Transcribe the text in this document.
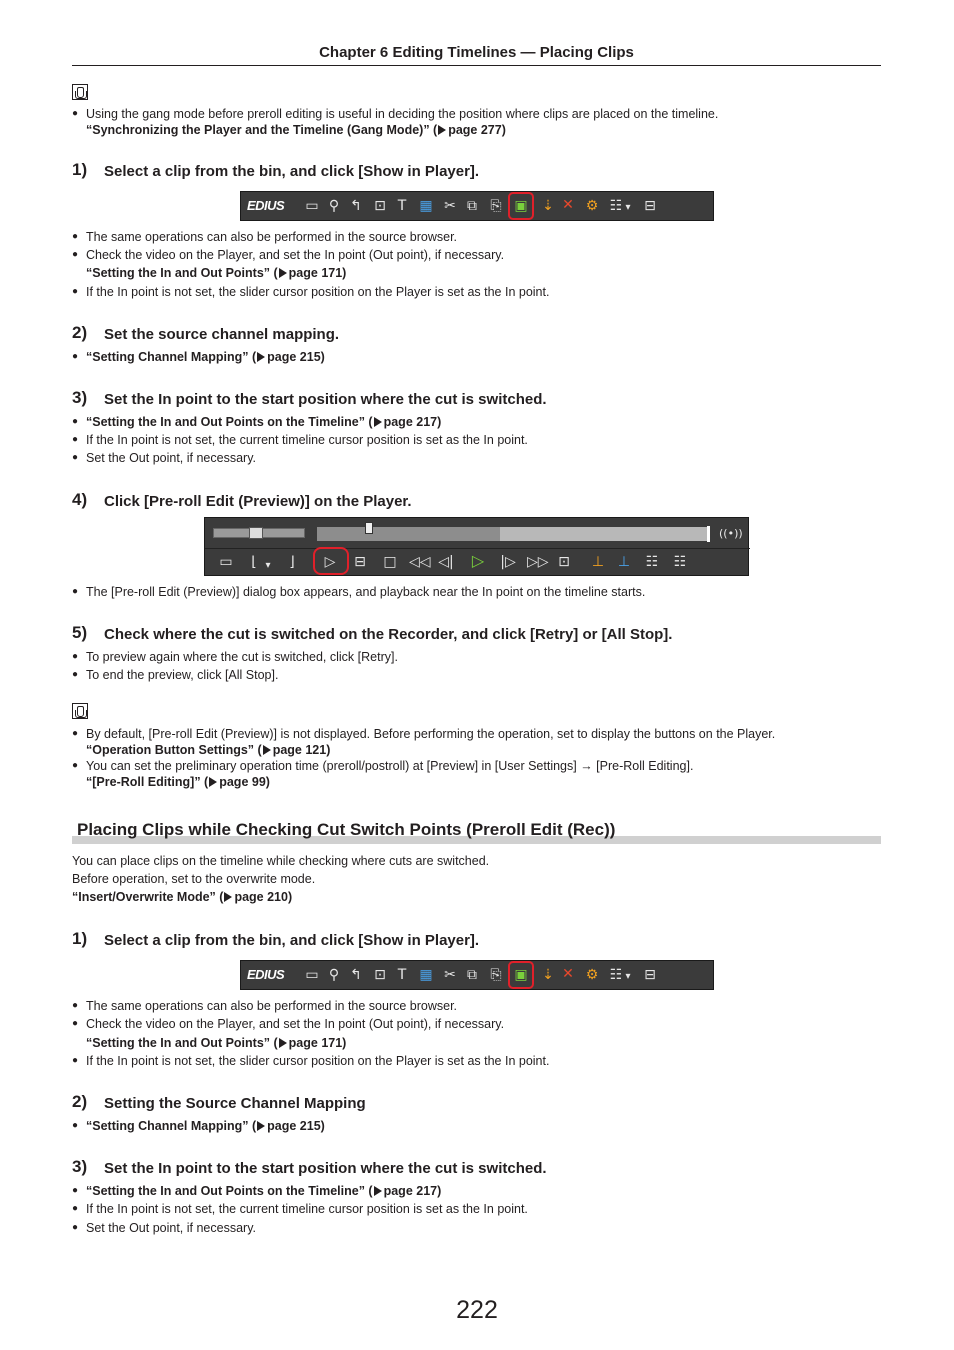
Chapter 6 Editing Timelines — Placing Clips
● Using the gang mode before preroll editing is useful in deciding the position where clips are placed on the timeline.
“Synchronizing the Player and the Timeline (Gang Mode)” ( page 277)
1) Select a clip from the bin, and click [Show in Player].
EDIUS ▭ ⚲ ↰ ⊡ T ▦ ✂ ⧉ ⎘ ▣ ⇣ ✕ ⚙ ☷ ▾ ⊟
● The same operations can also be performed in the source browser.
● Check the video on the Player, and set the In point (Out point), if necessary.
“Setting the In and Out Points” ( page 171)
● If the In point is not set, the slider cursor position on the Player is set as the In point.
2) Set the source channel mapping.
● “Setting Channel Mapping” ( page 215)
3) Set the In point to the start position where the cut is switched.
● “Setting the In and Out Points on the Timeline” ( page 217)
● If the In point is not set, the current timeline cursor position is set as the In point.
● Set the Out point, if necessary.
4) Click [Pre-roll Edit (Preview)] on the Player.
((•))
▭	⌊ ▾	⌋	▷ ⊟ □ ◁◁ ◁| ▷ |▷ ▷▷ ⊡ ⊥ ⊥ ☷ ☷
● The [Pre-roll Edit (Preview)] dialog box appears, and playback near the In point on the timeline starts.
5) Check where the cut is switched on the Recorder, and click [Retry] or [All Stop].
● To preview again where the cut is switched, click [Retry].
● To end the preview, click [All Stop].
● By default, [Pre-roll Edit (Preview)] is not displayed. Before performing the operation, set to display the buttons on the Player.
“Operation Button Settings” ( page 121)
● You can set the preliminary operation time (preroll/postroll) at [Preview] in [User Settings] → [Pre-Roll Editing].
“[Pre-Roll Editing]” ( page 99)
Placing Clips while Checking Cut Switch Points (Preroll Edit (Rec))
You can place clips on the timeline while checking where cuts are switched.
Before operation, set to the overwrite mode.
“Insert/Overwrite Mode” ( page 210)
1) Select a clip from the bin, and click [Show in Player].
EDIUS ▭ ⚲ ↰ ⊡ T ▦ ✂ ⧉ ⎘ ▣ ⇣ ✕ ⚙ ☷ ▾ ⊟
● The same operations can also be performed in the source browser.
● Check the video on the Player, and set the In point (Out point), if necessary.
“Setting the In and Out Points” ( page 171)
● If the In point is not set, the slider cursor position on the Player is set as the In point.
2) Setting the Source Channel Mapping
● “Setting Channel Mapping” ( page 215)
3) Set the In point to the start position where the cut is switched.
● “Setting the In and Out Points on the Timeline” ( page 217)
● If the In point is not set, the current timeline cursor position is set as the In point.
● Set the Out point, if necessary.
222
